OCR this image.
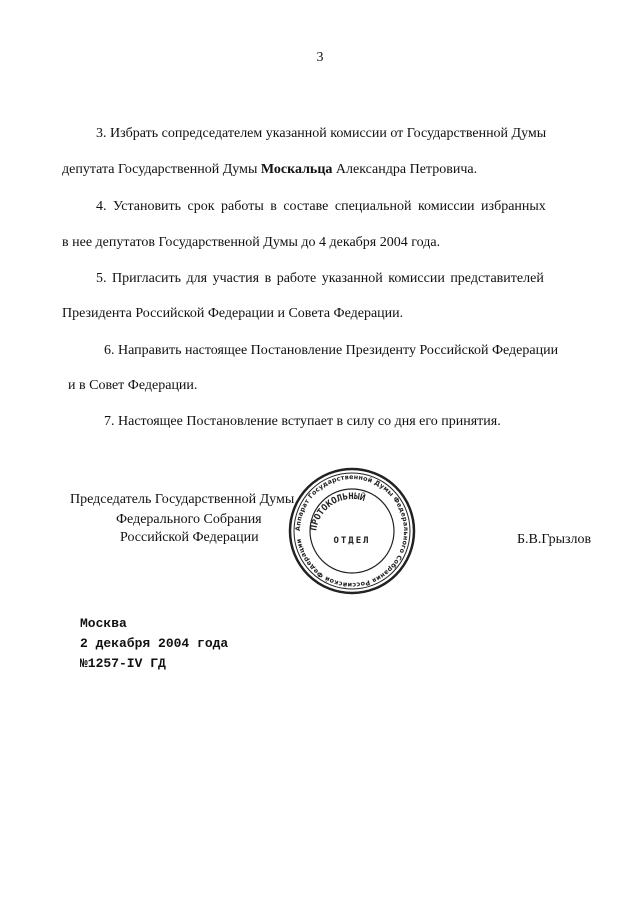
3
3. Избрать сопредседателем указанной комиссии от Государственной Думы
депутата Государственной Думы Москальца Александра Петровича.
4. Установить срок работы в составе специальной комиссии избранных
в нее депутатов Государственной Думы до 4 декабря 2004 года.
5. Пригласить для участия в работе указанной комиссии представителей
Президента Российской Федерации и Совета Федерации.
6. Направить настоящее Постановление Президенту Российской Федерации
и в Совет Федерации.
7. Настоящее Постановление вступает в силу со дня его принятия.
Председатель Государственной Думы
Федерального Собрания
Российской Федерации	Б.В.Грызлов
Аппарат Государственной Думы Федерального Собрания Российской Федерации
ПРОТОКОЛЬНЫЙ
ОТДЕЛ
Москва
2 декабря 2004 года
№1257-IV ГД
